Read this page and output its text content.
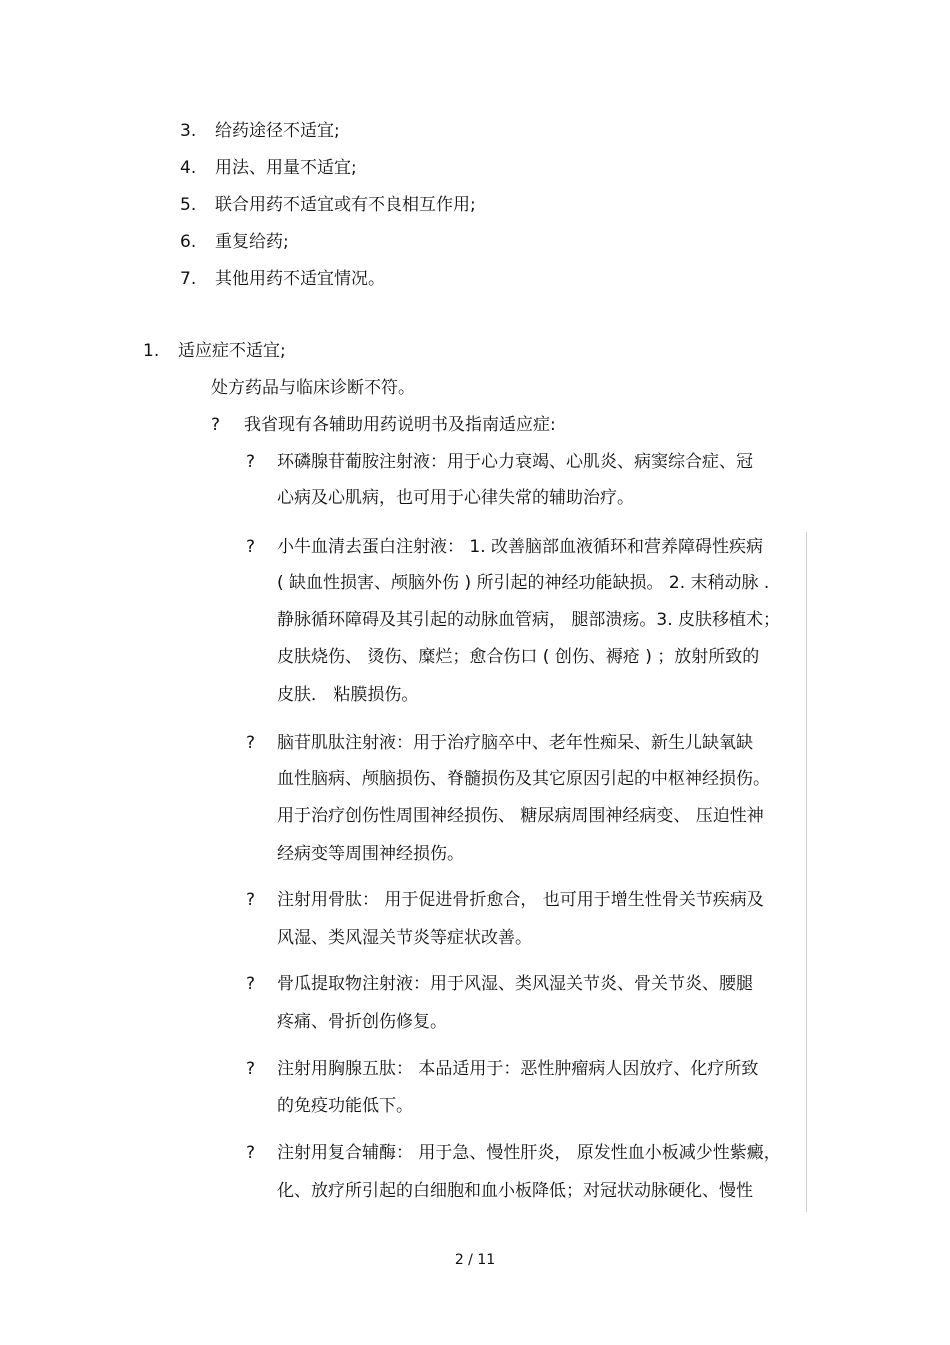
3. 给药途径不适宜;

4. 用法、用量不适宜;

5. 联合用药不适宜或有不良相互作用;

6. 重复给药;

7. 其他用药不适宜情况。

1. 适应症不适宜;

处方药品与临床诊断不符。

? 我省现有各辅助用药说明书及指南适应症:

? 环磷腺苷葡胺注射液：用于心力衰竭、心肌炎、病窦综合症、冠

心病及心肌病，也可用于心律失常的辅助治疗。

? 小牛血清去蛋白注射液： 1. 改善脑部血液循环和营养障碍性疾病

( 缺血性损害、颅脑外伤 ) 所引起的神经功能缺损。 2. 末稍动脉 .

静脉循环障碍及其引起的动脉血管病， 腿部溃疡。3. 皮肤移植术；

皮肤烧伤、 烫伤、糜烂；愈合伤口 ( 创伤、褥疮 ) ；放射所致的

皮肤． 粘膜损伤。

? 脑苷肌肽注射液：用于治疗脑卒中、老年性痴呆、新生儿缺氧缺

血性脑病、颅脑损伤、脊髓损伤及其它原因引起的中枢神经损伤。

用于治疗创伤性周围神经损伤、 糖尿病周围神经病变、 压迫性神

经病变等周围神经损伤。

? 注射用骨肽： 用于促进骨折愈合， 也可用于增生性骨关节疾病及

风湿、类风湿关节炎等症状改善。

? 骨瓜提取物注射液：用于风湿、类风湿关节炎、骨关节炎、腰腿

疼痛、骨折创伤修复。

? 注射用胸腺五肽： 本品适用于：恶性肿瘤病人因放疗、化疗所致

的免疫功能低下。

? 注射用复合辅酶： 用于急、慢性肝炎， 原发性血小板减少性紫癜，

化、放疗所引起的白细胞和血小板降低；对冠状动脉硬化、慢性

2 / 11
